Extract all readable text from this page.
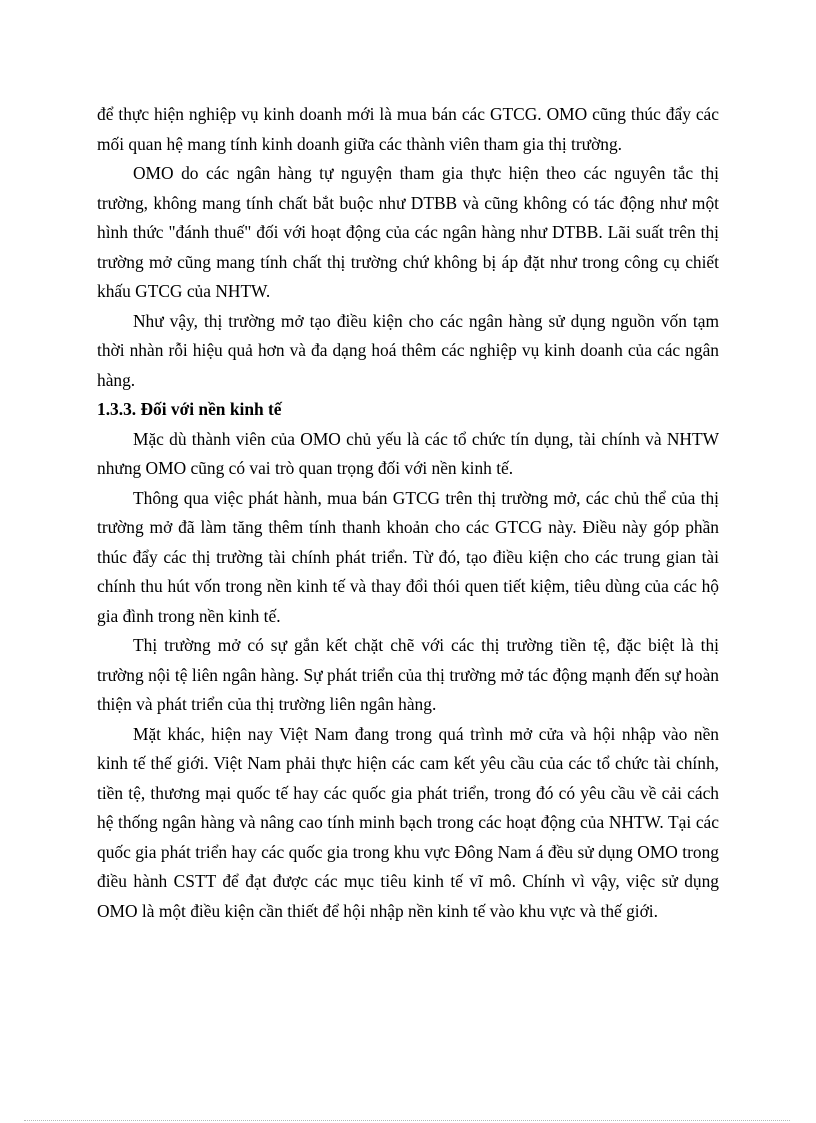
để thực hiện nghiệp vụ kinh doanh mới là mua bán các GTCG. OMO cũng thúc đẩy các mối quan hệ mang tính kinh doanh giữa các thành viên tham gia thị trường.

OMO do các ngân hàng tự nguyện tham gia thực hiện theo các nguyên tắc thị trường, không mang tính chất bắt buộc như DTBB và cũng không có tác động như một hình thức "đánh thuế" đối với hoạt động của các ngân hàng như DTBB. Lãi suất trên thị trường mở cũng mang tính chất thị trường chứ không bị áp đặt như trong công cụ chiết khấu GTCG của NHTW.

Như vậy, thị trường mở tạo điều kiện cho các ngân hàng sử dụng nguồn vốn tạm thời nhàn rỗi hiệu quả hơn và đa dạng hoá thêm các nghiệp vụ kinh doanh của các ngân hàng.

1.3.3. Đối với nền kinh tế

Mặc dù thành viên của OMO chủ yếu là các tổ chức tín dụng, tài chính và NHTW nhưng OMO cũng có vai trò quan trọng đối với nền kinh tế.

Thông qua việc phát hành, mua bán GTCG trên thị trường mở, các chủ thể của thị trường mở đã làm tăng thêm tính thanh khoản cho các GTCG này. Điều này góp phần thúc đẩy các thị trường tài chính phát triển. Từ đó, tạo điều kiện cho các trung gian tài chính thu hút vốn trong nền kinh tế và thay đổi thói quen tiết kiệm, tiêu dùng của các hộ gia đình trong nền kinh tế.

Thị trường mở có sự gắn kết chặt chẽ với các thị trường tiền tệ, đặc biệt là thị trường nội tệ liên ngân hàng. Sự phát triển của thị trường mở tác động mạnh đến sự hoàn thiện và phát triển của thị trường liên ngân hàng.

Mặt khác, hiện nay Việt Nam đang trong quá trình mở cửa và hội nhập vào nền kinh tế thế giới. Việt Nam phải thực hiện các cam kết yêu cầu của các tổ chức tài chính, tiền tệ, thương mại quốc tế hay các quốc gia phát triển, trong đó có yêu cầu về cải cách hệ thống ngân hàng và nâng cao tính minh bạch trong các hoạt động của NHTW. Tại các quốc gia phát triển hay các quốc gia trong khu vực Đông Nam á đều sử dụng OMO trong điều hành CSTT để đạt được các mục tiêu kinh tế vĩ mô. Chính vì vậy, việc sử dụng OMO là một điều kiện cần thiết để hội nhập nền kinh tế vào khu vực và thế giới.
